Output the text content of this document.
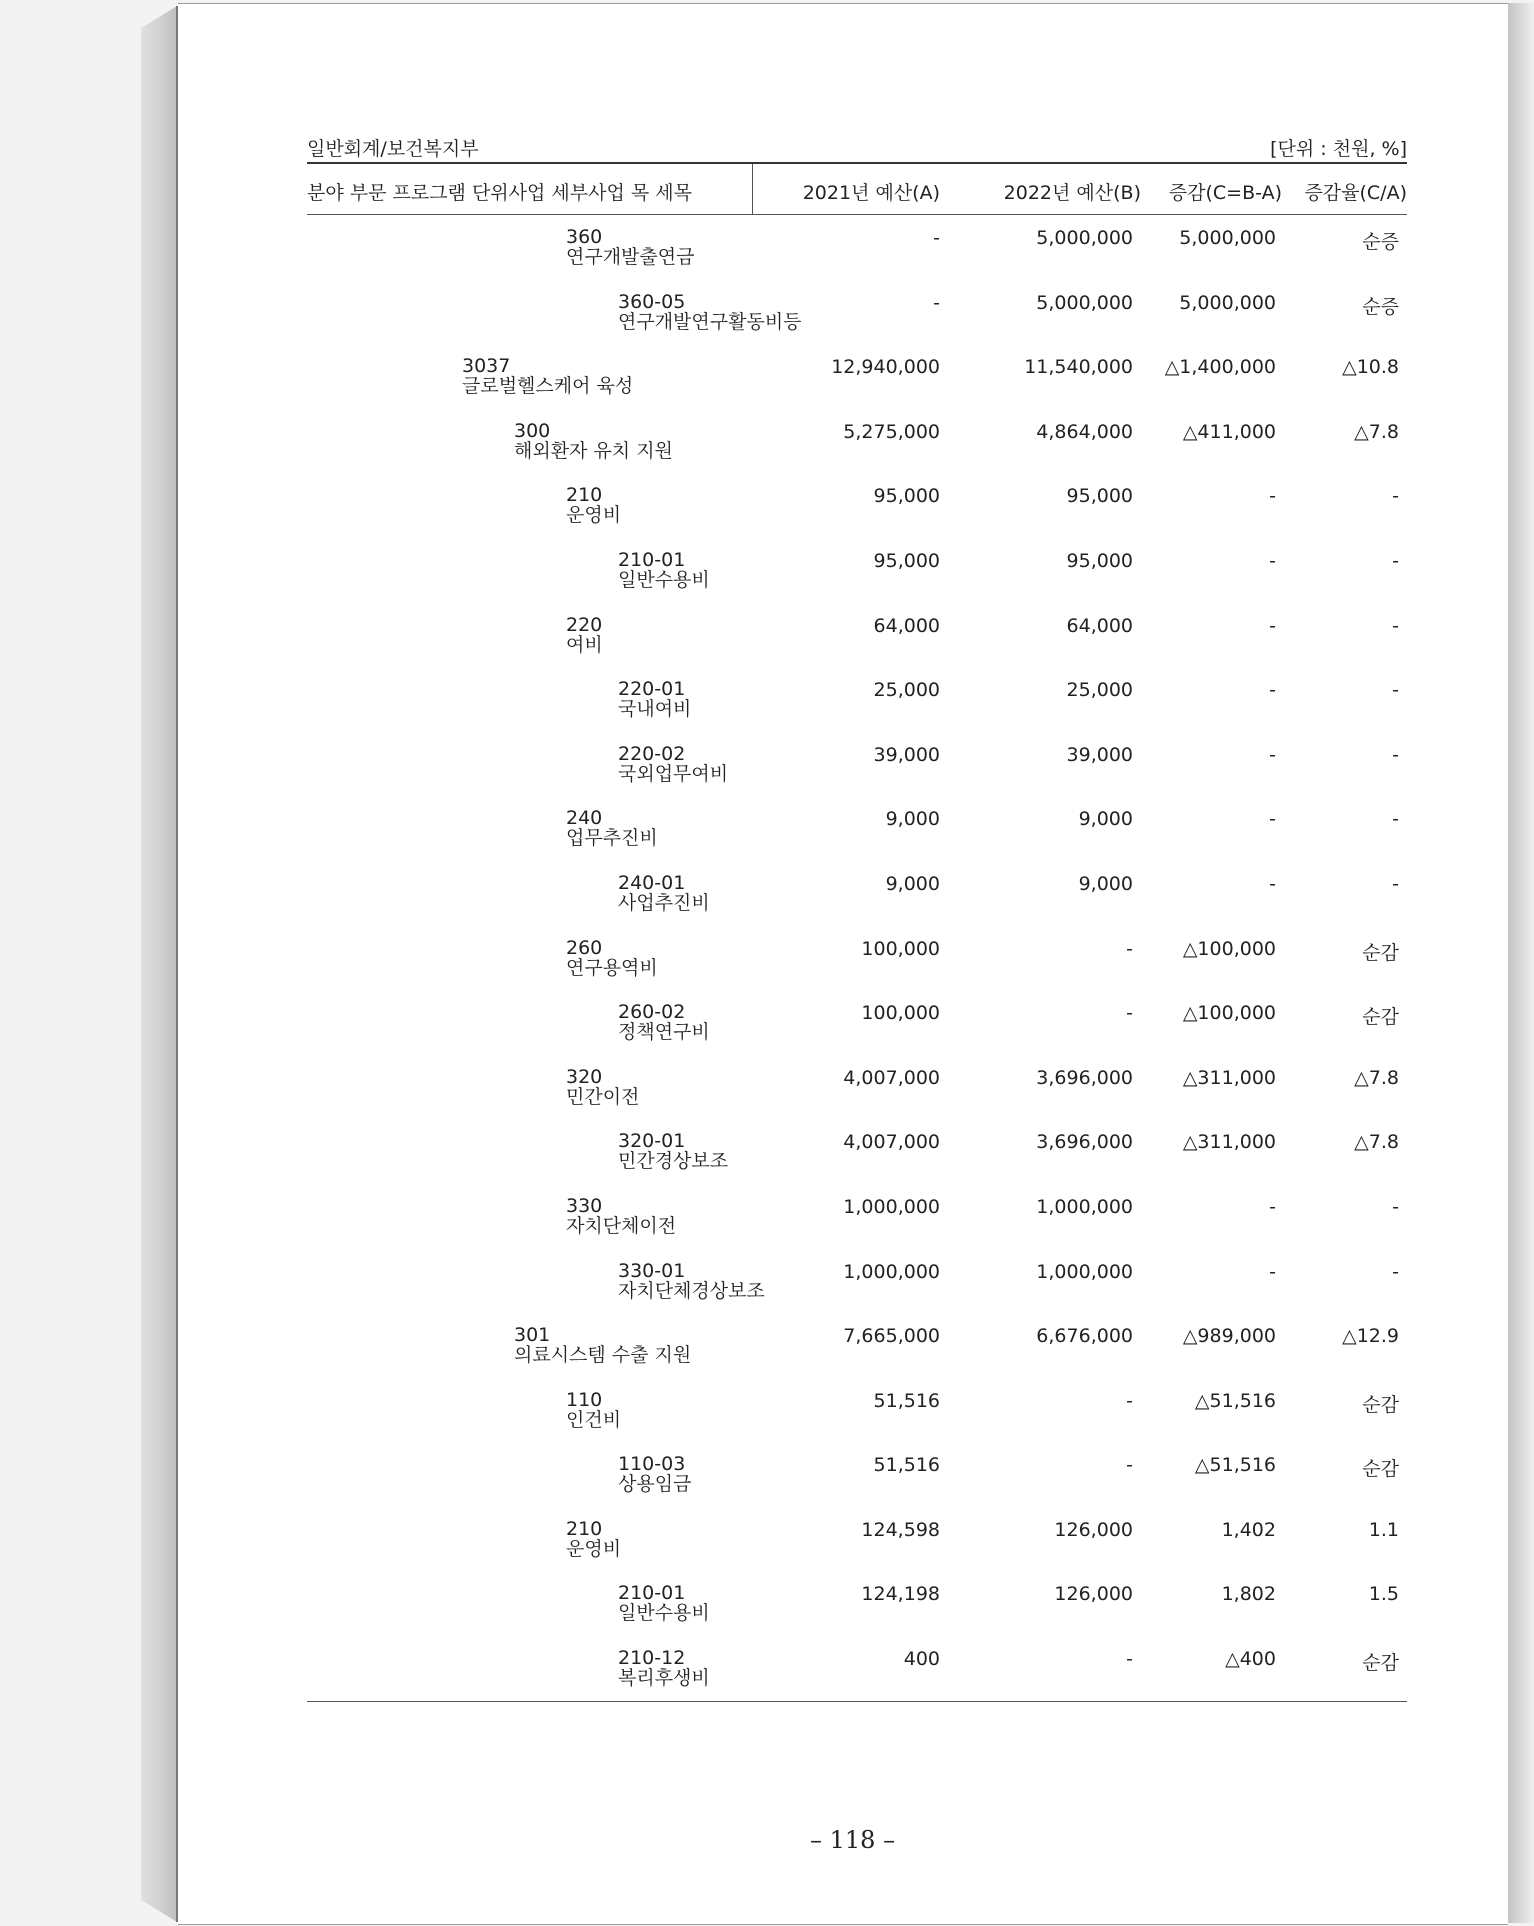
일반회계/보건복지부	[단위 : 천원, %]
분야 부문 프로그램 단위사업 세부사업 목 세목	2021년 예산(A)	2022년 예산(B) 증감(C=B-A) 증감율(C/A)
360
연구개발출연금
-	5,000,000 5,000,000	순증
360-05
연구개발연구활동비등
-	5,000,000 5,000,000	순증
3037
글로벌헬스케어 육성
12,940,000	11,540,000 △1,400,000	△10.8
300
해외환자 유치 지원
5,275,000	4,864,000	△411,000	△7.8
210
운영비
95,000	95,000	-	-
210-01
일반수용비
95,000	95,000	-	-
220
여비
64,000	64,000	-	-
220-01
국내여비
25,000	25,000	-	-
220-02
국외업무여비
39,000	39,000	-	-
240
업무추진비
9,000	9,000	-	-
240-01
사업추진비
9,000	9,000	-	-
260
연구용역비
100,000	-	△100,000	순감
260-02
정책연구비
100,000	-	△100,000	순감
320
민간이전
4,007,000	3,696,000	△311,000	△7.8
320-01
민간경상보조
4,007,000	3,696,000	△311,000	△7.8
330
자치단체이전
1,000,000	1,000,000	-	-
330-01
자치단체경상보조
1,000,000	1,000,000	-	-
301
의료시스템 수출 지원
7,665,000	6,676,000	△989,000	△12.9
110
인건비
51,516	-	△51,516	순감
110-03
상용임금
51,516	-	△51,516	순감
210
운영비
124,598	126,000	1,402	1.1
210-01
일반수용비
124,198	126,000	1,802	1.5
210-12
복리후생비
400	-	△400	순감
– 118 –
